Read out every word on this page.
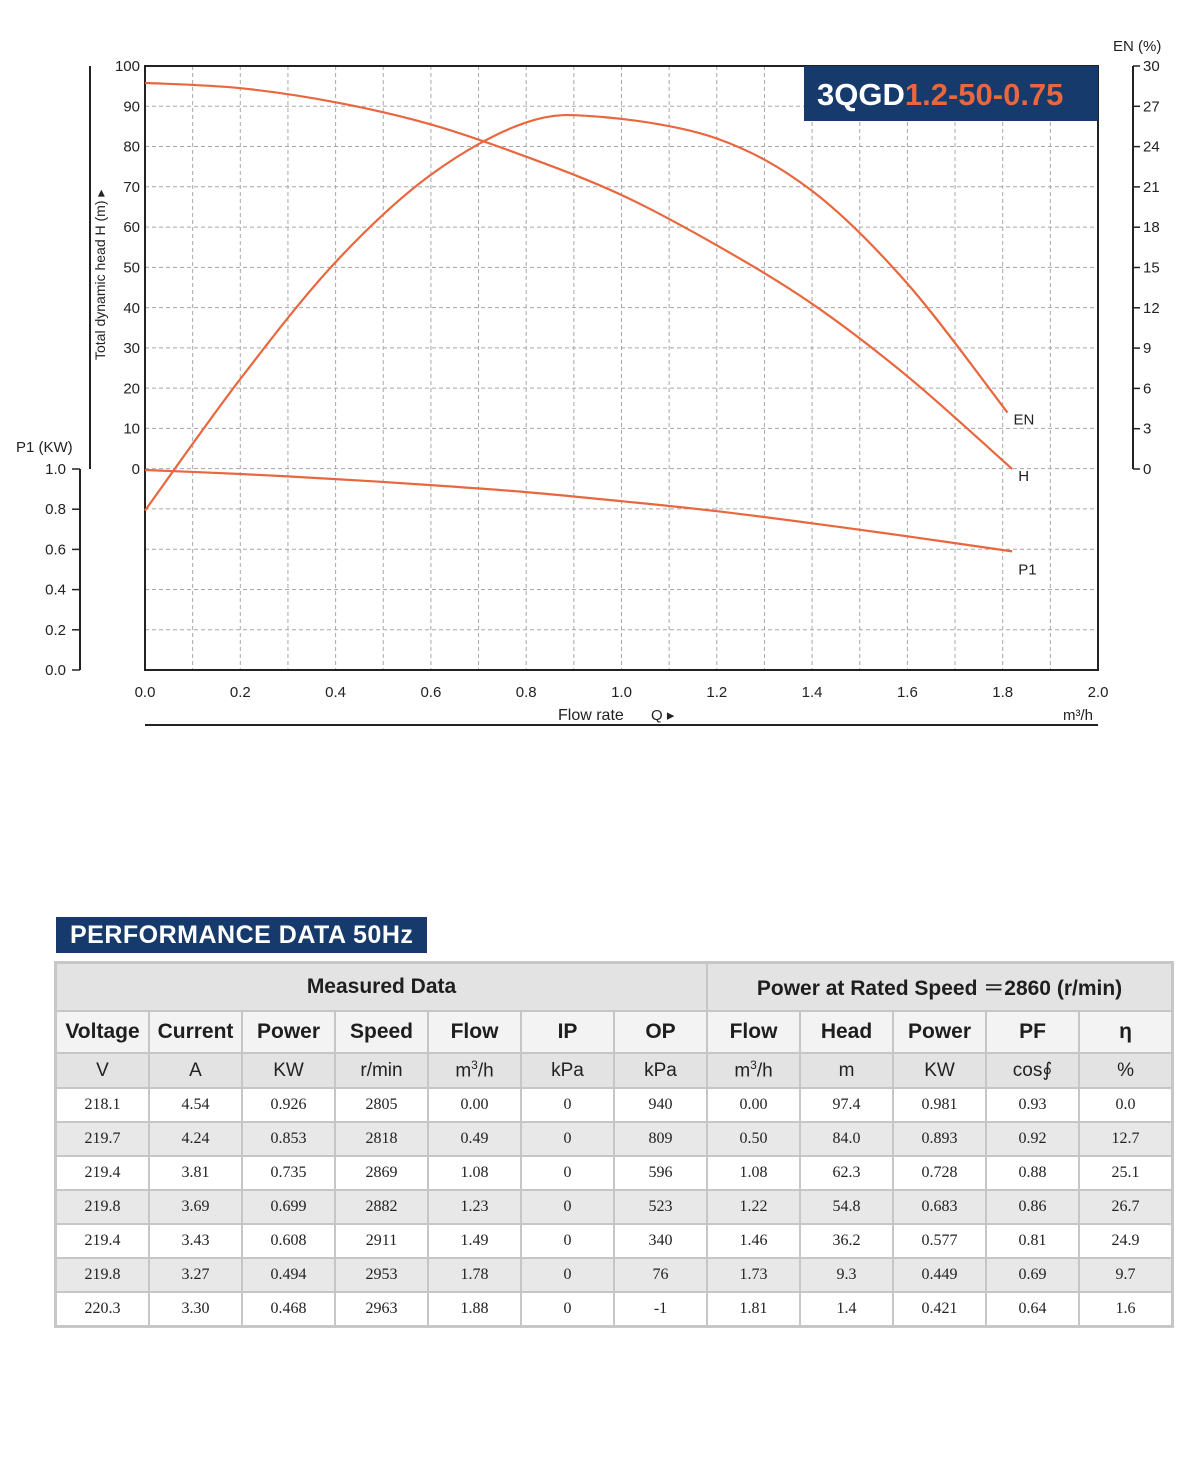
0.0	0.2	0.4	0.6	0.8	1.0	1.2	1.4	1.6	1.8	2.0
0
10
20
30
40
50
60
70
80
90
100
0.0
0.2
0.4
0.6
0.8
1.0	0
3
6
9
12
15
18
21
24
27
30
Total dynamic head H (m) ▸
P1 (KW)
EN (%)
Flow rate Q ▸	m³/h
H
EN
P1
3QGD1.2-50-0.75
PERFORMANCE DATA 50Hz
Measured Data							Power at Rated Speed ＝2860 (r/min)				
Voltage	Current	Power	Speed	Flow	IP	OP	Flow	Head	Power	PF	η
V	A	KW	r/min	$m^3/h$	kPa	kPa	$m^3/h$	m	KW	cos∮	%
218.1	4.54	0.926	2805	0.00	0	940	0.00	97.4	0.981	0.93	0.0
219.7	4.24	0.853	2818	0.49	0	809	0.50	84.0	0.893	0.92	12.7
219.4	3.81	0.735	2869	1.08	0	596	1.08	62.3	0.728	0.88	25.1
219.8	3.69	0.699	2882	1.23	0	523	1.22	54.8	0.683	0.86	26.7
219.4	3.43	0.608	2911	1.49	0	340	1.46	36.2	0.577	0.81	24.9
219.8	3.27	0.494	2953	1.78	0	76	1.73	9.3	0.449	0.69	9.7
220.3	3.30	0.468	2963	1.88	0	-1	1.81	1.4	0.421	0.64	1.6
